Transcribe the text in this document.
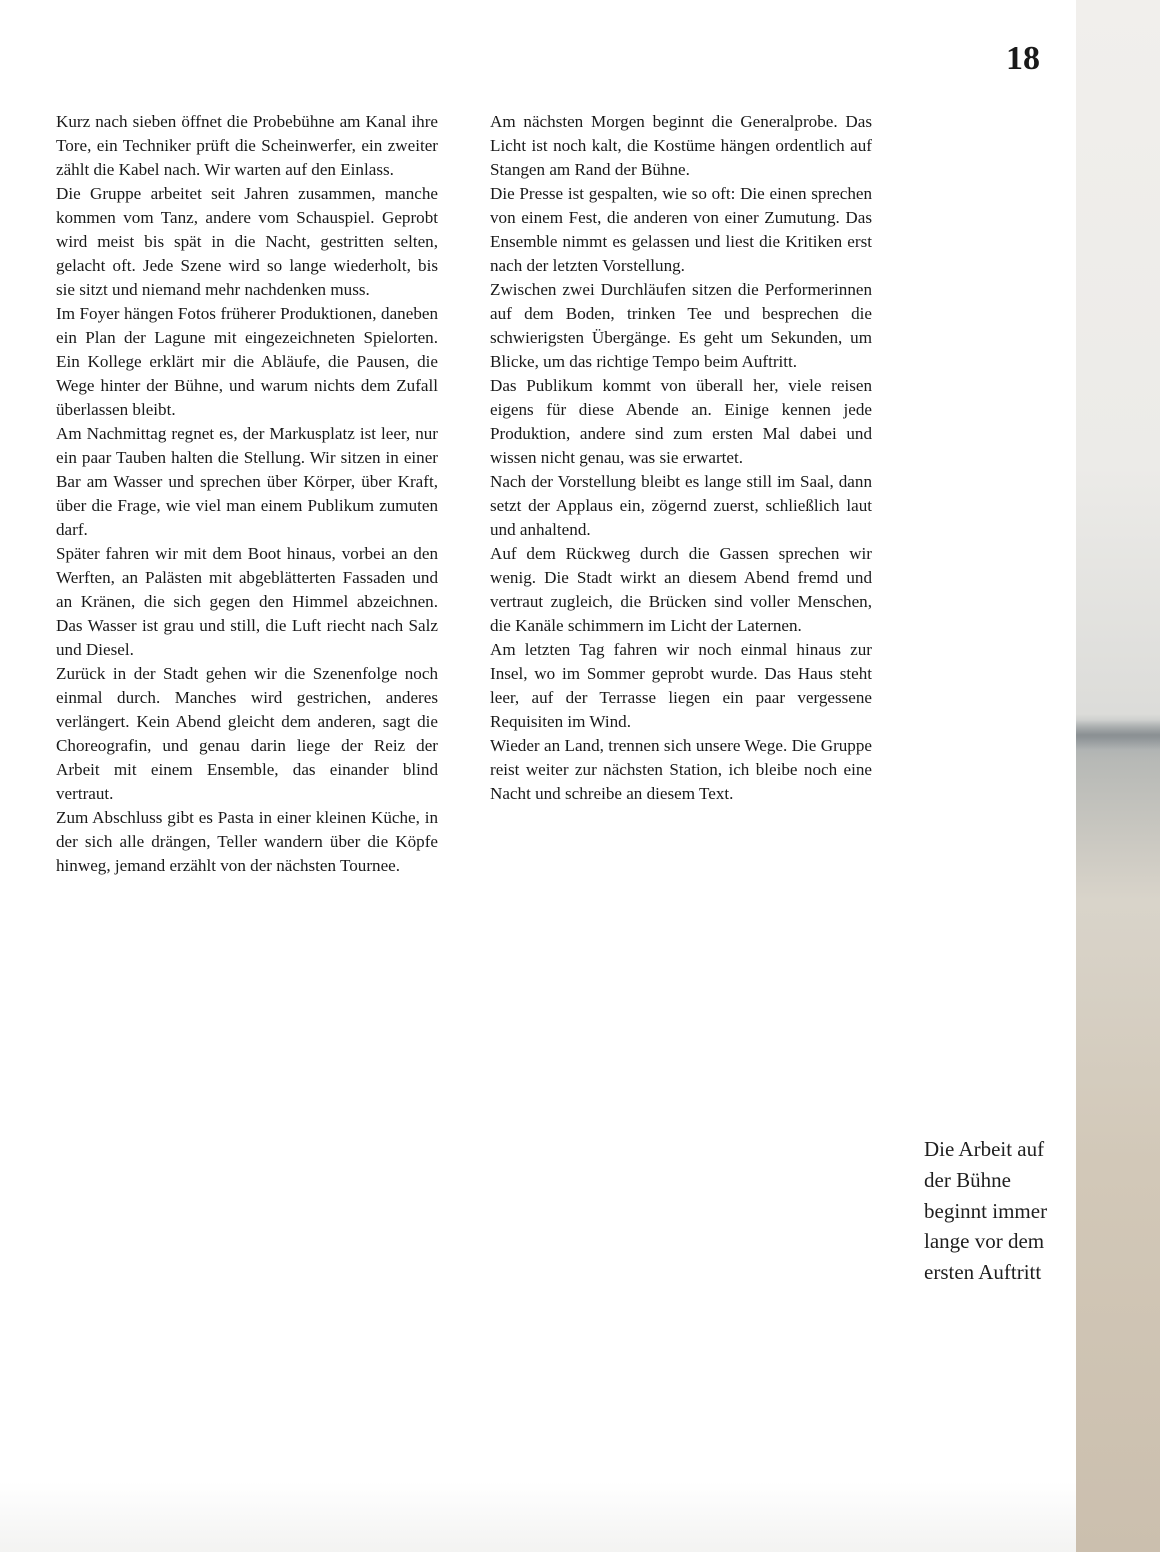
18

Kurz nach sieben öffnet die Probebühne am Kanal ihre Tore, ein Techniker prüft die Scheinwerfer, ein zweiter zählt die Kabel nach. Wir warten auf den Einlass.

Die Gruppe arbeitet seit Jahren zusammen, manche kommen vom Tanz, andere vom Schauspiel. Geprobt wird meist bis spät in die Nacht, gestritten selten, gelacht oft. Jede Szene wird so lange wiederholt, bis sie sitzt und niemand mehr nachdenken muss.

Im Foyer hängen Fotos früherer Produktionen, daneben ein Plan der Lagune mit eingezeichneten Spielorten. Ein Kollege erklärt mir die Abläufe, die Pausen, die Wege hinter der Bühne, und warum nichts dem Zufall überlassen bleibt.

Am Nachmittag regnet es, der Markusplatz ist leer, nur ein paar Tauben halten die Stellung. Wir sitzen in einer Bar am Wasser und sprechen über Körper, über Kraft, über die Frage, wie viel man einem Publikum zumuten darf.

Später fahren wir mit dem Boot hinaus, vorbei an den Werften, an Palästen mit abgeblätterten Fassaden und an Kränen, die sich gegen den Himmel abzeichnen. Das Wasser ist grau und still, die Luft riecht nach Salz und Diesel.

Zurück in der Stadt gehen wir die Szenenfolge noch einmal durch. Manches wird gestrichen, anderes verlängert. Kein Abend gleicht dem anderen, sagt die Choreografin, und genau darin liege der Reiz der Arbeit mit einem Ensemble, das einander blind vertraut.

Zum Abschluss gibt es Pasta in einer kleinen Küche, in der sich alle drängen, Teller wandern über die Köpfe hinweg, jemand erzählt von der nächsten Tournee.

Am nächsten Morgen beginnt die Generalprobe. Das Licht ist noch kalt, die Kostüme hängen ordentlich auf Stangen am Rand der Bühne.

Die Presse ist gespalten, wie so oft: Die einen sprechen von einem Fest, die anderen von einer Zumutung. Das Ensemble nimmt es gelassen und liest die Kritiken erst nach der letzten Vorstellung.

Zwischen zwei Durchläufen sitzen die Performerinnen auf dem Boden, trinken Tee und besprechen die schwierigsten Übergänge. Es geht um Sekunden, um Blicke, um das richtige Tempo beim Auftritt.

Das Publikum kommt von überall her, viele reisen eigens für diese Abende an. Einige kennen jede Produktion, andere sind zum ersten Mal dabei und wissen nicht genau, was sie erwartet.

Nach der Vorstellung bleibt es lange still im Saal, dann setzt der Applaus ein, zögernd zuerst, schließlich laut und anhaltend.

Auf dem Rückweg durch die Gassen sprechen wir wenig. Die Stadt wirkt an diesem Abend fremd und vertraut zugleich, die Brücken sind voller Menschen, die Kanäle schimmern im Licht der Laternen.

Am letzten Tag fahren wir noch einmal hinaus zur Insel, wo im Sommer geprobt wurde. Das Haus steht leer, auf der Terrasse liegen ein paar vergessene Requisiten im Wind.

Wieder an Land, trennen sich unsere Wege. Die Gruppe reist weiter zur nächsten Station, ich bleibe noch eine Nacht und schreibe an diesem Text.

Die Arbeit auf der Bühne beginnt immer lange vor dem ersten Auftritt
